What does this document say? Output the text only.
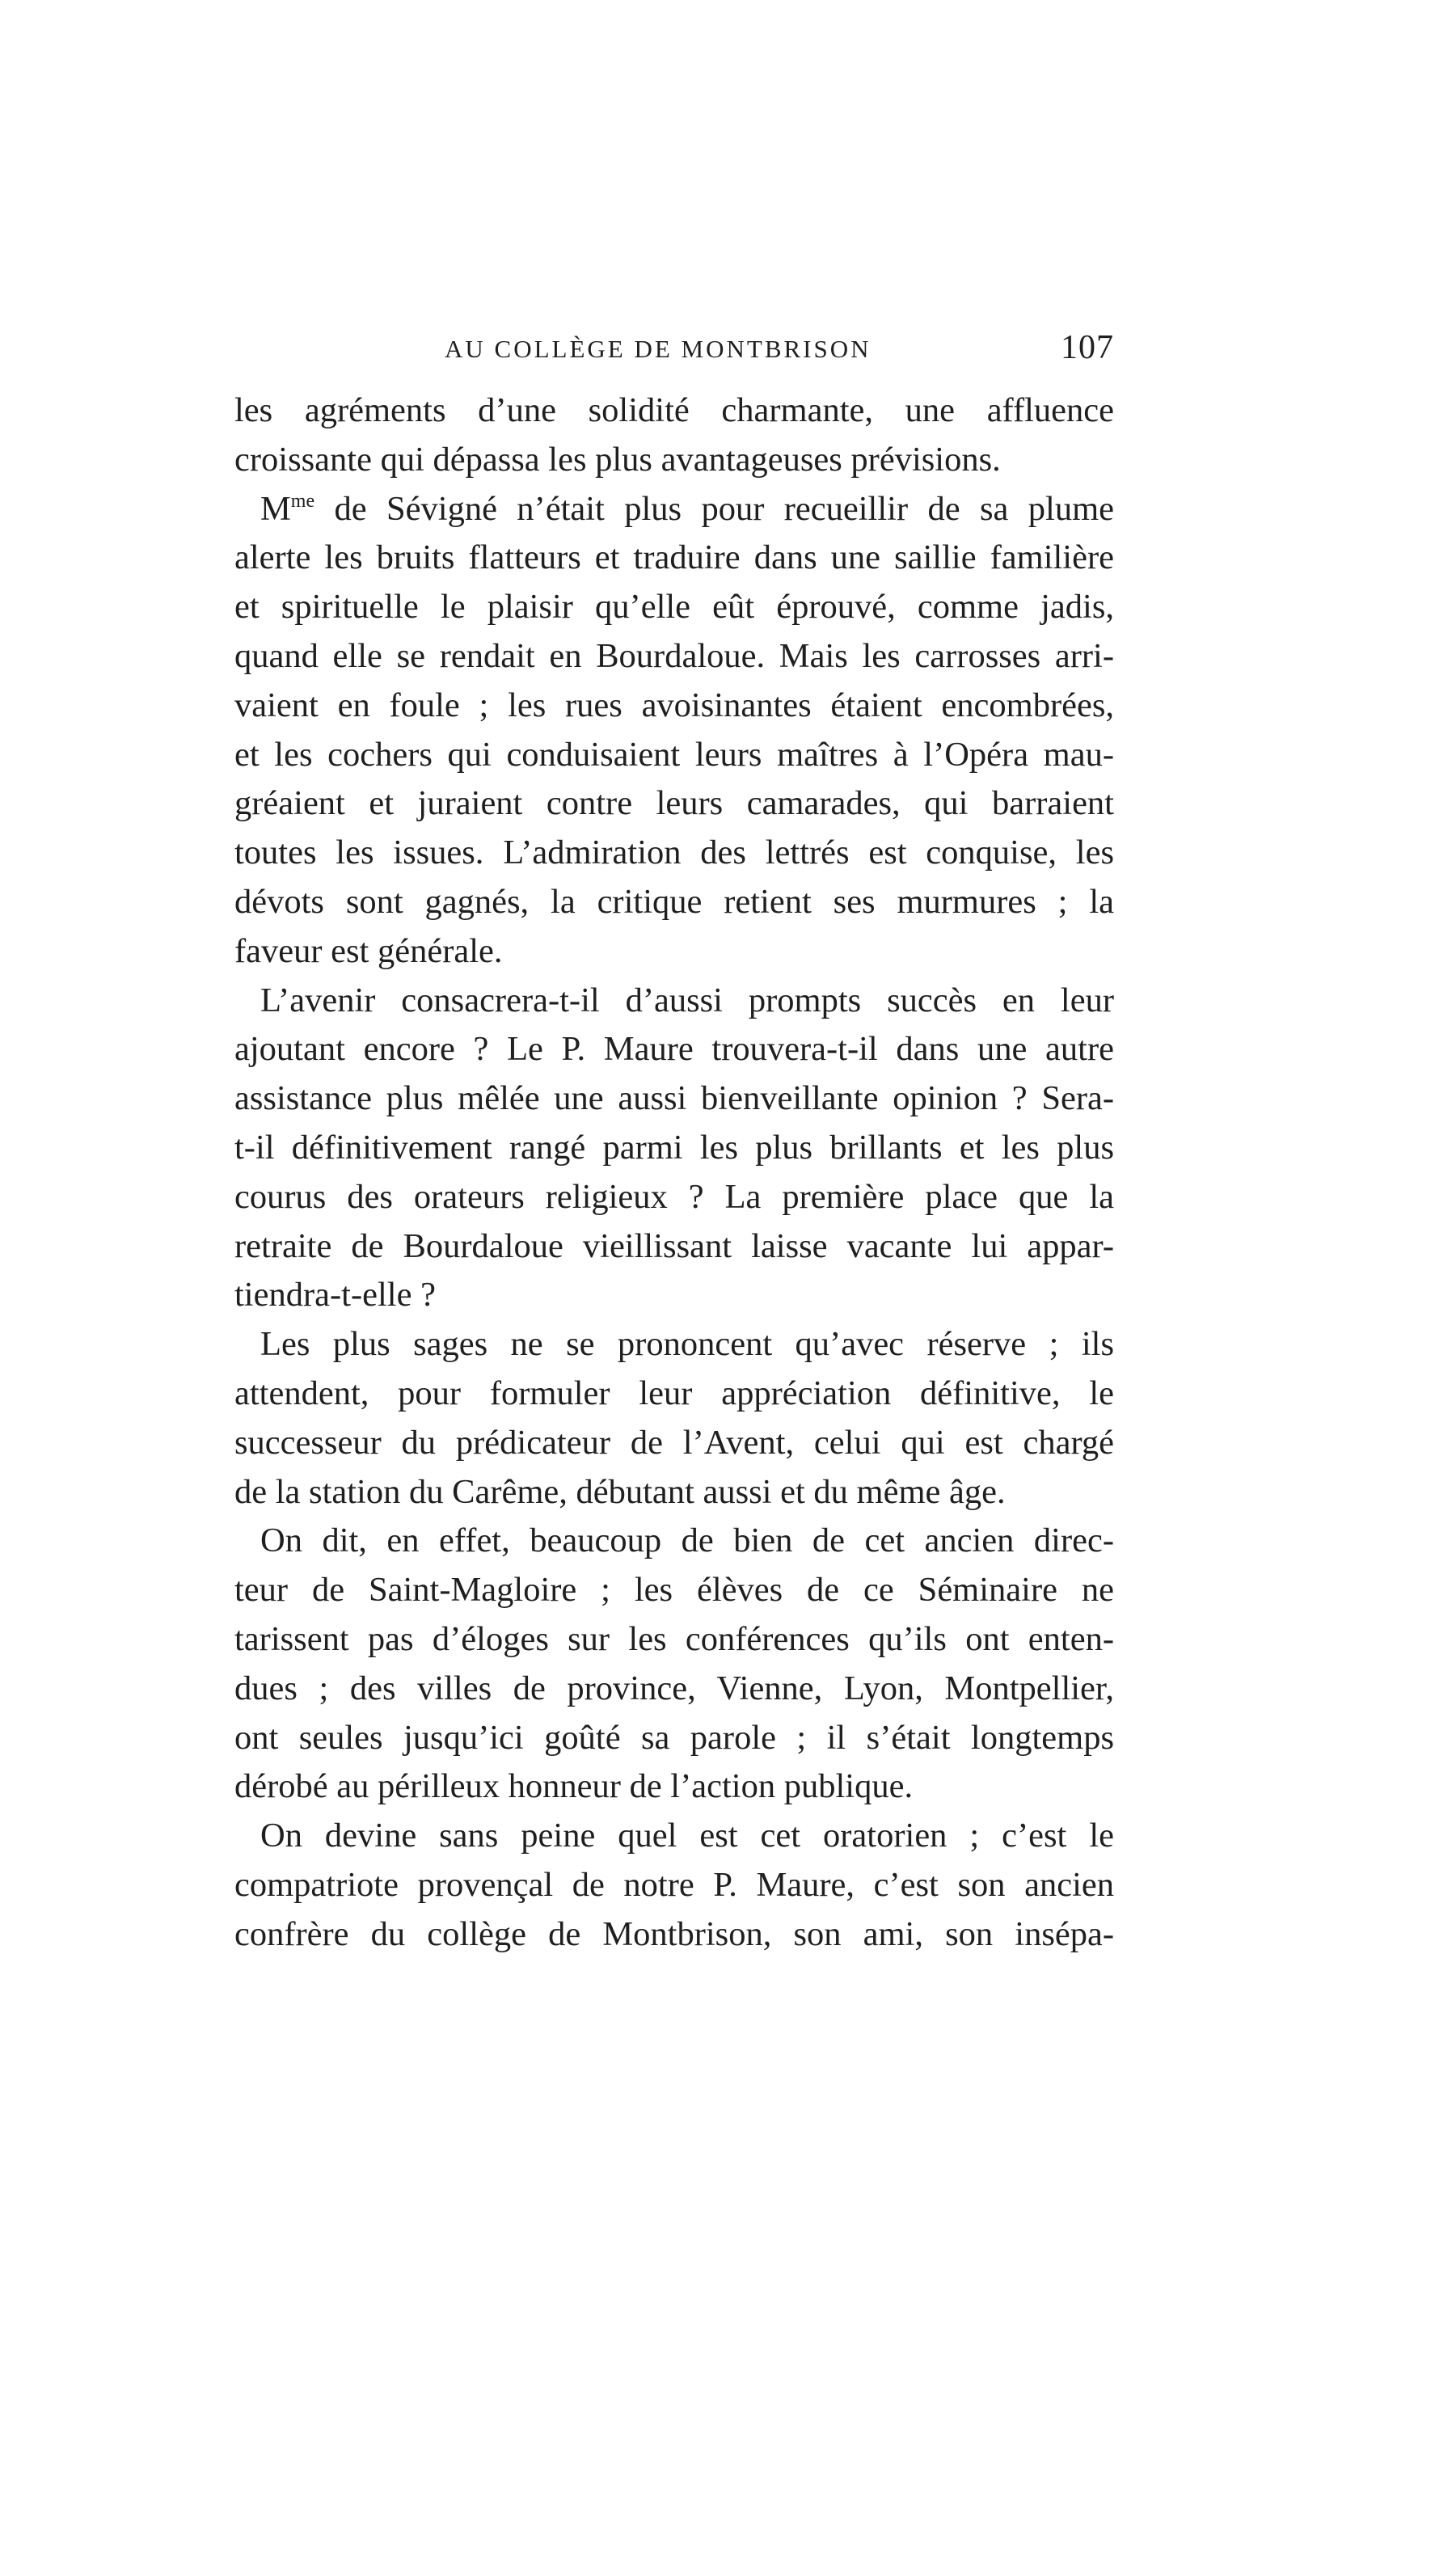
AU COLLÈGE DE MONTBRISON	107
les agréments d’une solidité charmante, une affluence
croissante qui dépassa les plus avantageuses prévisions.
$M^{me}$ de Sévigné n’était plus pour recueillir de sa plume
alerte les bruits flatteurs et traduire dans une saillie familière
et spirituelle le plaisir qu’elle eût éprouvé, comme jadis,
quand elle se rendait en Bourdaloue. Mais les carrosses arri-
vaient en foule ; les rues avoisinantes étaient encombrées,
et les cochers qui conduisaient leurs maîtres à l’Opéra mau-
gréaient et juraient contre leurs camarades, qui barraient
toutes les issues. L’admiration des lettrés est conquise, les
dévots sont gagnés, la critique retient ses murmures ; la
faveur est générale.
L’avenir consacrera-t-il d’aussi prompts succès en leur
ajoutant encore ? Le P. Maure trouvera-t-il dans une autre
assistance plus mêlée une aussi bienveillante opinion ? Sera-
t-il définitivement rangé parmi les plus brillants et les plus
courus des orateurs religieux ? La première place que la
retraite de Bourdaloue vieillissant laisse vacante lui appar-
tiendra-t-elle ?
Les plus sages ne se prononcent qu’avec réserve ; ils
attendent, pour formuler leur appréciation définitive, le
successeur du prédicateur de l’Avent, celui qui est chargé
de la station du Carême, débutant aussi et du même âge.
On dit, en effet, beaucoup de bien de cet ancien direc-
teur de Saint-Magloire ; les élèves de ce Séminaire ne
tarissent pas d’éloges sur les conférences qu’ils ont enten-
dues ; des villes de province, Vienne, Lyon, Montpellier,
ont seules jusqu’ici goûté sa parole ; il s’était longtemps
dérobé au périlleux honneur de l’action publique.
On devine sans peine quel est cet oratorien ; c’est le
compatriote provençal de notre P. Maure, c’est son ancien
confrère du collège de Montbrison, son ami, son insépa-
